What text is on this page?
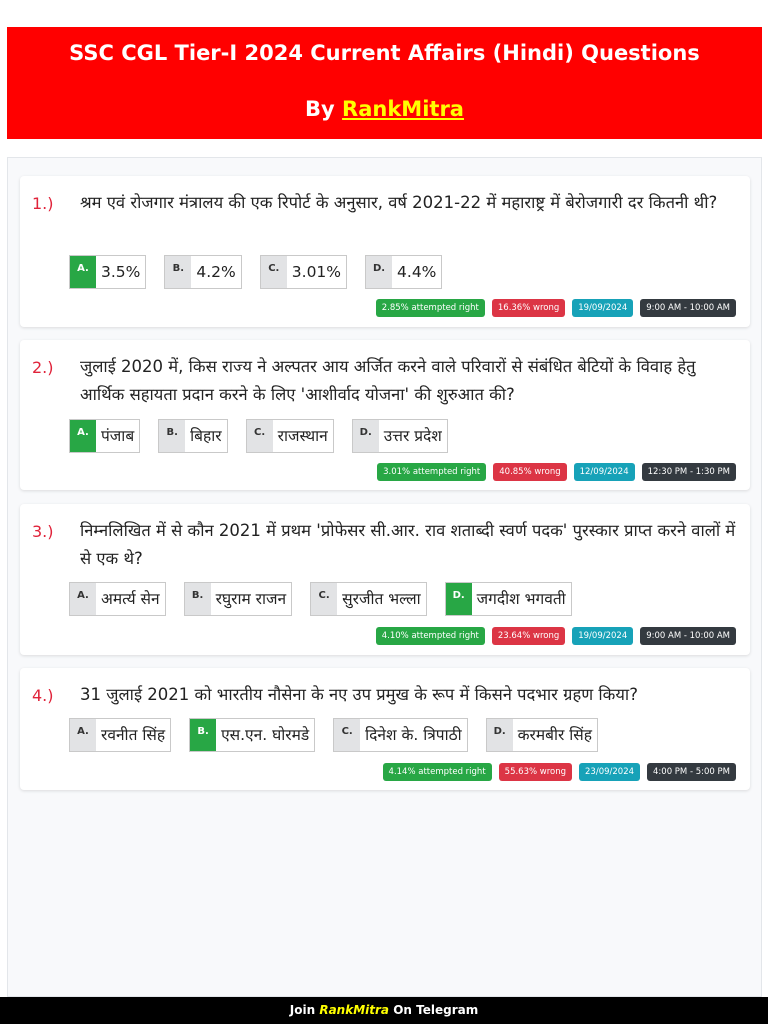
SSC CGL Tier-I 2024 Current Affairs (Hindi) Questions
By RankMitra
1.) श्रम एवं रोजगार मंत्रालय की एक रिपोर्ट के अनुसार, वर्ष 2021-22 में महाराष्ट्र में बेरोजगारी दर कितनी थी?
A. 3.5%	B. 4.2%	C. 3.01%	D. 4.4%
2.85% attempted right	16.36% wrong	19/09/2024	9:00 AM - 10:00 AM
2.) जुलाई 2020 में, किस राज्य ने अल्पतर आय अर्जित करने वाले परिवारों से संबंधित बेटियों के विवाह हेतु आर्थिक सहायता प्रदान करने के लिए 'आशीर्वाद योजना' की शुरुआत की?
A. पंजाब	B. बिहार	C. राजस्थान	D. उत्तर प्रदेश
3.01% attempted right	40.85% wrong	12/09/2024	12:30 PM - 1:30 PM
3.) निम्नलिखित में से कौन 2021 में प्रथम 'प्रोफेसर सी.आर. राव शताब्दी स्वर्ण पदक' पुरस्कार प्राप्त करने वालों में से एक थे?
A. अमर्त्य सेन	B. रघुराम राजन	C. सुरजीत भल्ला	D. जगदीश भगवती
4.10% attempted right	23.64% wrong	19/09/2024	9:00 AM - 10:00 AM
4.) 31 जुलाई 2021 को भारतीय नौसेना के नए उप प्रमुख के रूप में किसने पदभार ग्रहण किया?
A. रवनीत सिंह	B. एस.एन. घोरमडे	C. दिनेश के. त्रिपाठी	D. करमबीर सिंह
4.14% attempted right	55.63% wrong	23/09/2024	4:00 PM - 5:00 PM
Join RankMitra On Telegram
